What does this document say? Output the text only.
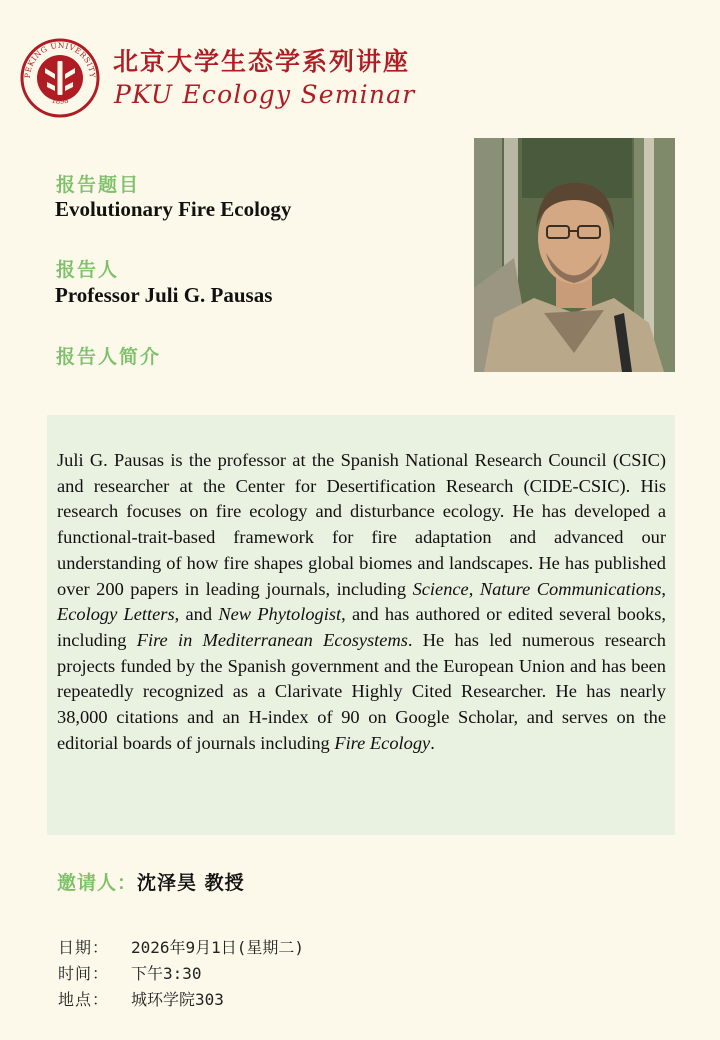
PEKING UNIVERSITY
1898
北京大学生态学系列讲座
PKU Ecology Seminar
报告题目
Evolutionary Fire Ecology
报告人
Professor Juli G. Pausas
报告人简介
Juli G. Pausas is the professor at the Spanish National Research Council (CSIC) and researcher at the Center for Desertification Research (CIDE-CSIC). His research focuses on fire ecology and disturbance ecology. He has developed a functional-trait-based framework for fire adaptation and advanced our understanding of how fire shapes global biomes and landscapes. He has published over 200 papers in leading journals, including Science, Nature Communications, Ecology Letters, and New Phytologist, and has authored or edited several books, including Fire in Mediterranean Ecosystems. He has led numerous research projects funded by the Spanish government and the European Union and has been repeatedly recognized as a Clarivate Highly Cited Researcher. He has nearly 38,000 citations and an H-index of 90 on Google Scholar, and serves on the editorial boards of journals including Fire Ecology.
邀请人：沈泽昊 教授
日期： 2026年9月1日(星期二)
时间： 下午3:30
地点： 城环学院303
